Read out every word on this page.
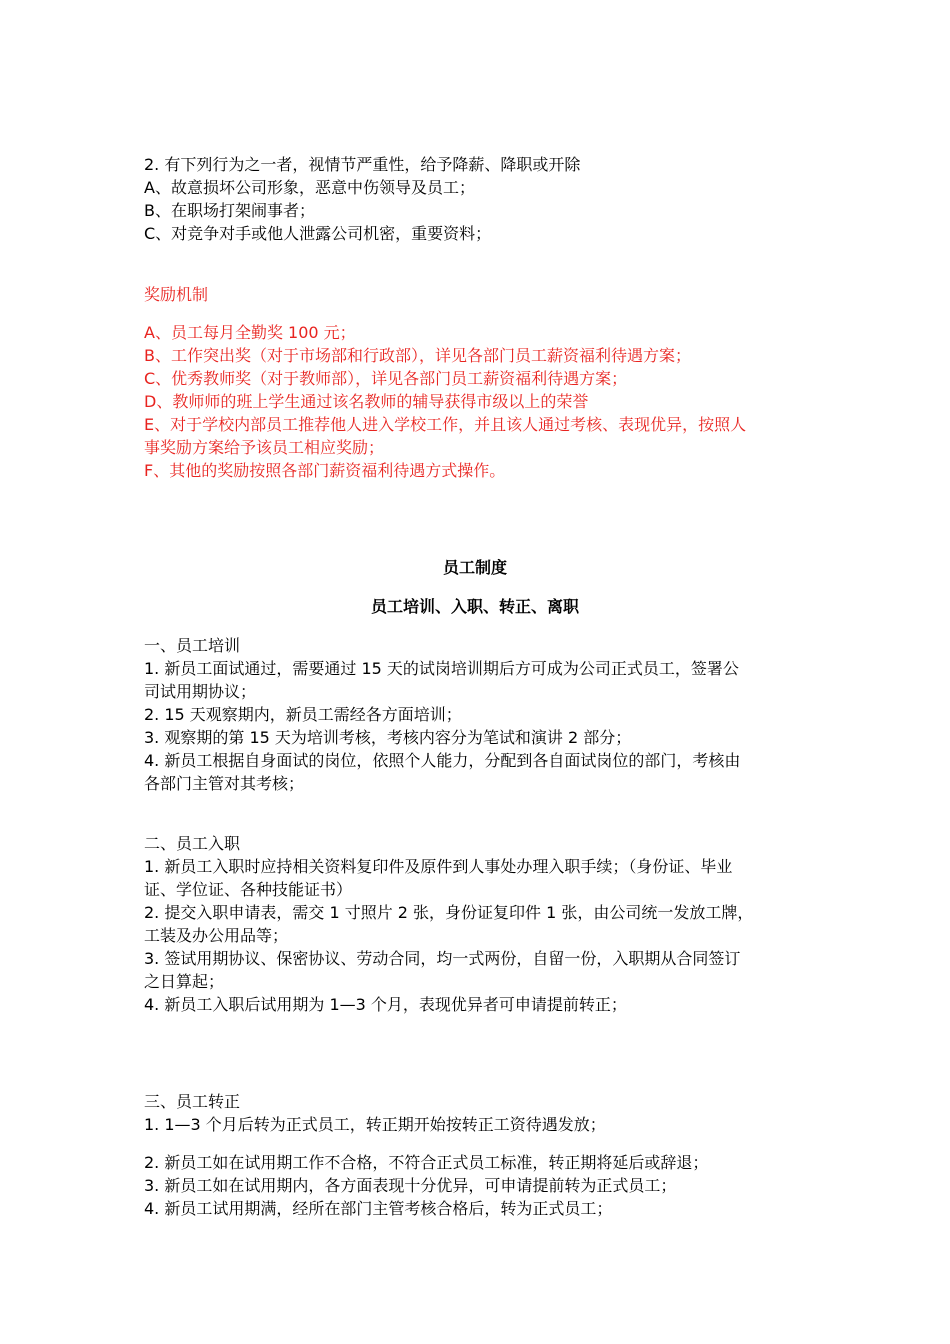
2. 有下列行为之一者，视情节严重性，给予降薪、降职或开除
A、故意损坏公司形象，恶意中伤领导及员工；
B、在职场打架闹事者；
C、对竞争对手或他人泄露公司机密，重要资料；
奖励机制
A、员工每月全勤奖 100 元；
B、工作突出奖（对于市场部和行政部），详见各部门员工薪资福利待遇方案；
C、优秀教师奖（对于教师部），详见各部门员工薪资福利待遇方案；
D、教师师的班上学生通过该名教师的辅导获得市级以上的荣誉
E、对于学校内部员工推荐他人进入学校工作，并且该人通过考核、表现优异，按照人
事奖励方案给予该员工相应奖励；
F、其他的奖励按照各部门薪资福利待遇方式操作。
员工制度
员工培训、入职、转正、离职
一、员工培训
1. 新员工面试通过，需要通过 15 天的试岗培训期后方可成为公司正式员工，签署公
司试用期协议；
2. 15 天观察期内，新员工需经各方面培训；
3. 观察期的第 15 天为培训考核，考核内容分为笔试和演讲 2 部分；
4. 新员工根据自身面试的岗位，依照个人能力，分配到各自面试岗位的部门，考核由
各部门主管对其考核；
二、员工入职
1. 新员工入职时应持相关资料复印件及原件到人事处办理入职手续；（身份证、毕业
证、学位证、各种技能证书）
2. 提交入职申请表，需交 1 寸照片 2 张，身份证复印件 1 张，由公司统一发放工牌，
工装及办公用品等；
3. 签试用期协议、保密协议、劳动合同，均一式两份，自留一份，入职期从合同签订
之日算起；
4. 新员工入职后试用期为 1—3 个月，表现优异者可申请提前转正；
三、员工转正
1. 1—3 个月后转为正式员工，转正期开始按转正工资待遇发放；
2. 新员工如在试用期工作不合格，不符合正式员工标准，转正期将延后或辞退；
3. 新员工如在试用期内，各方面表现十分优异，可申请提前转为正式员工；
4. 新员工试用期满，经所在部门主管考核合格后，转为正式员工；
